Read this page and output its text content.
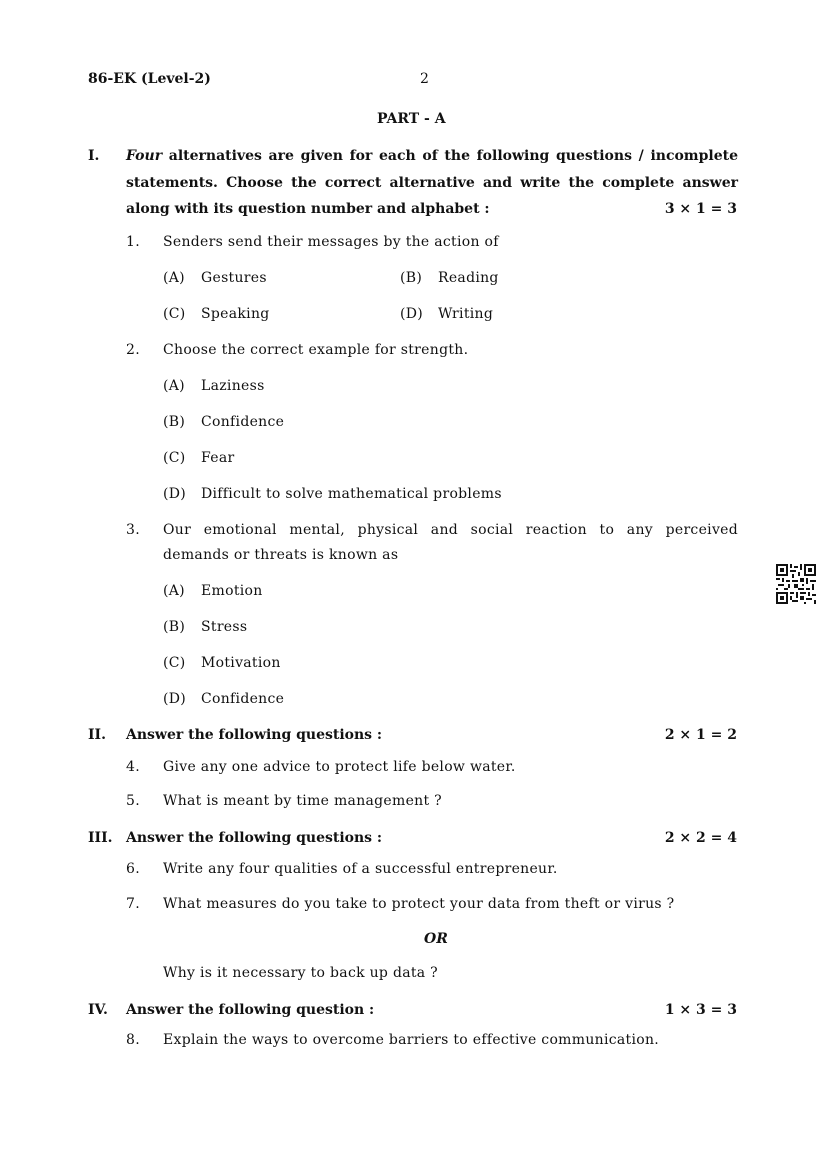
86-EK (Level-2)	2
PART - A
I. Four alternatives are given for each of the following questions / incomplete
statements. Choose the correct alternative and write the complete answer
along with its question number and alphabet :	3 × 1 = 3
1. Senders send their messages by the action of
(A) Gestures	(B) Reading
(C) Speaking	(D) Writing
2. Choose the correct example for strength.
(A) Laziness
(B) Confidence
(C) Fear
(D) Difficult to solve mathematical problems
3. Our emotional mental, physical and social reaction to any perceived
demands or threats is known as
(A) Emotion
(B) Stress
(C) Motivation
(D) Confidence
II. Answer the following questions :	2 × 1 = 2
4. Give any one advice to protect life below water.
5. What is meant by time management ?
III. Answer the following questions :	2 × 2 = 4
6. Write any four qualities of a successful entrepreneur.
7. What measures do you take to protect your data from theft or virus ?
OR
Why is it necessary to back up data ?
IV. Answer the following question :	1 × 3 = 3
8. Explain the ways to overcome barriers to effective communication.
